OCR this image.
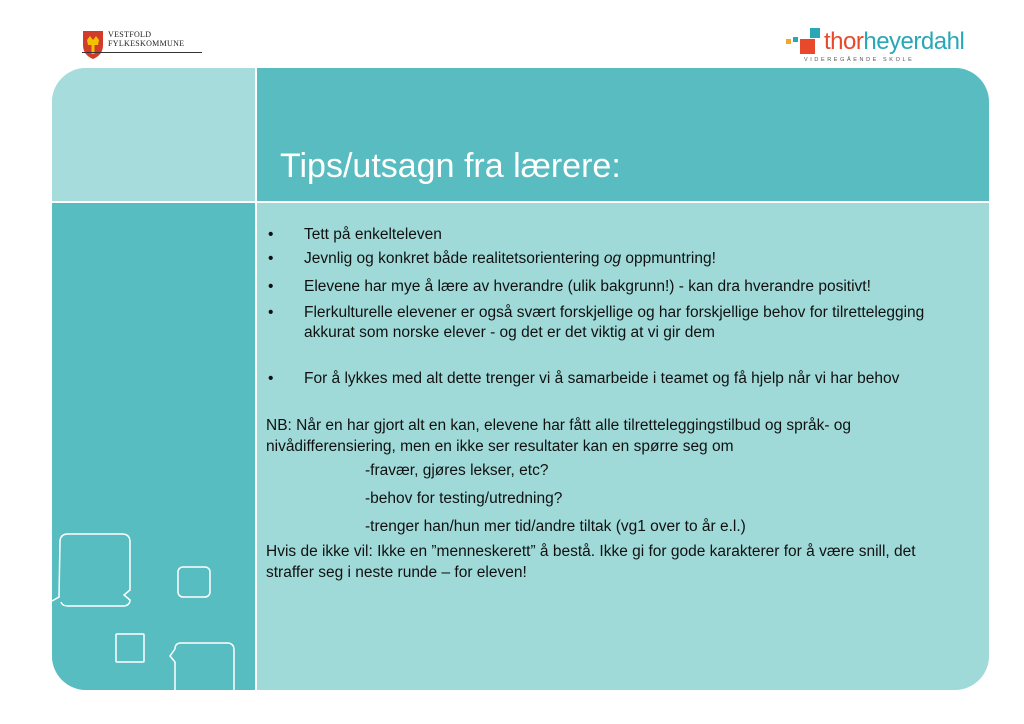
VESTFOLD
FYLKESKOMMUNE	thorheyerdahl
VIDEREGÅENDE SKOLE
Tips/utsagn fra lærere:
• Tett på enkelteleven
• Jevnlig og konkret både realitetsorientering og oppmuntring!
• Elevene har mye å lære av hverandre (ulik bakgrunn!) - kan dra hverandre positivt!
• Flerkulturelle elevener er også svært forskjellige og har forskjellige behov for tilrettelegging akkurat som norske elever - og det er det viktig at vi gir dem
• For å lykkes med alt dette trenger vi å samarbeide i teamet og få hjelp når vi har behov
NB: Når en har gjort alt en kan, elevene har fått alle tilretteleggingstilbud og språk- og nivådifferensiering, men en ikke ser resultater kan en spørre seg om
-fravær, gjøres lekser, etc?
-behov for testing/utredning?
-trenger han/hun mer tid/andre tiltak (vg1 over to år e.l.)
Hvis de ikke vil: Ikke en ”menneskerett” å bestå. Ikke gi for gode karakterer for å være snill, det straffer seg i neste runde – for eleven!
